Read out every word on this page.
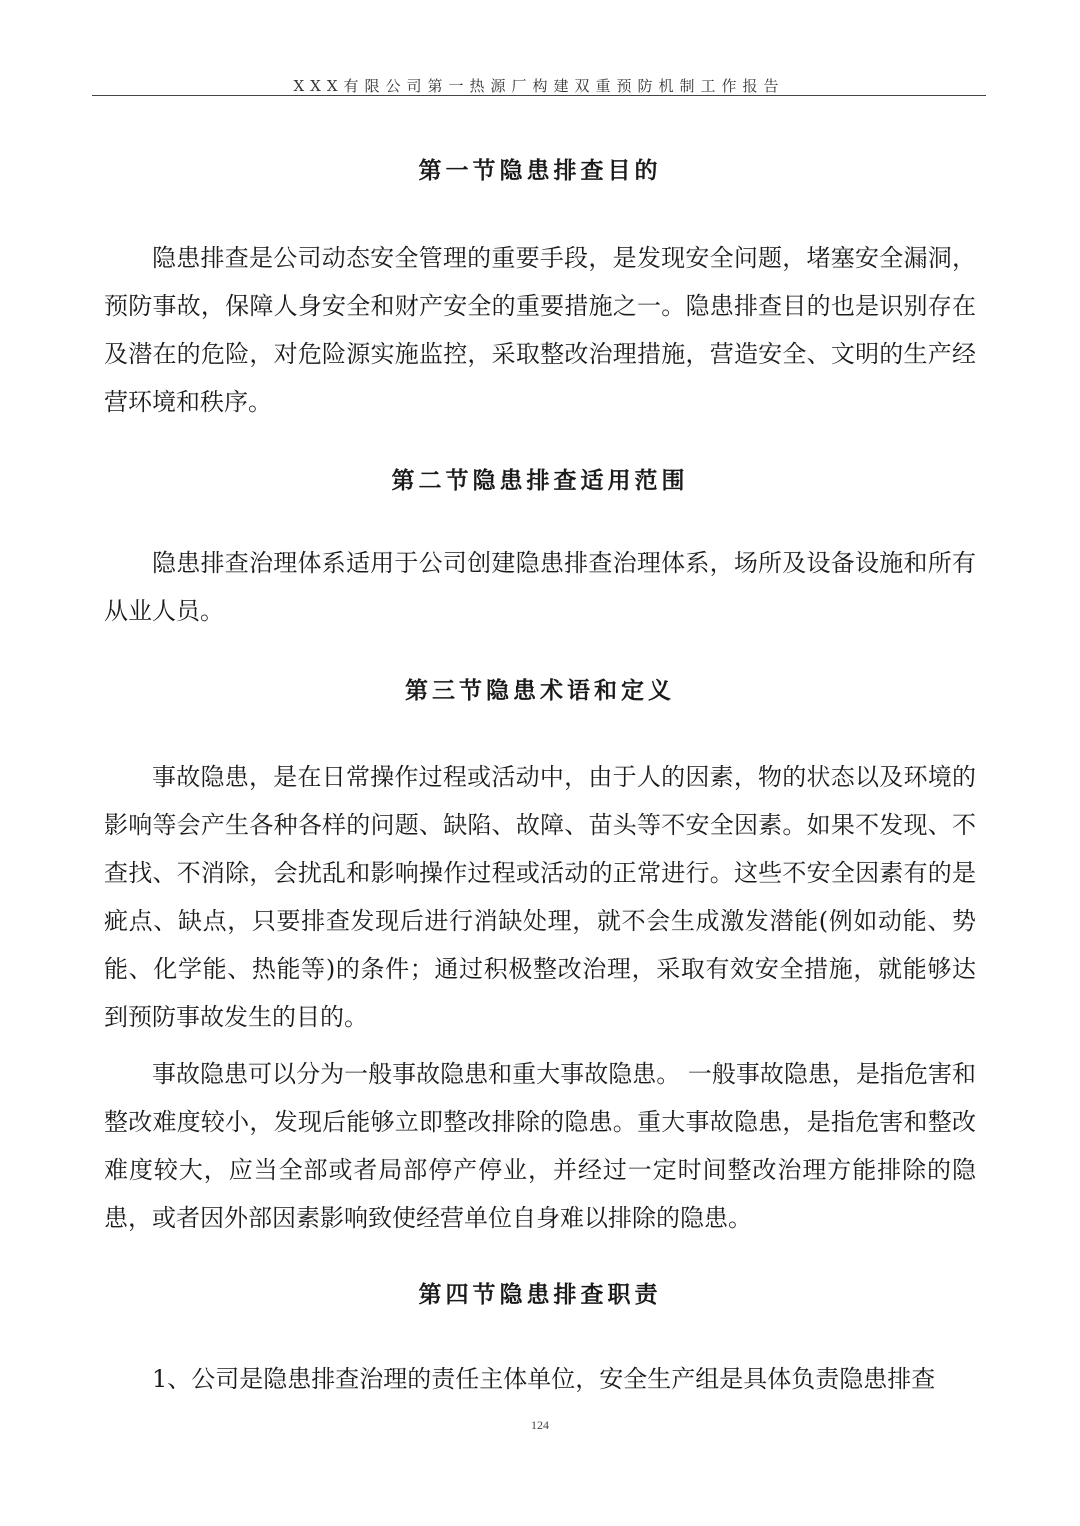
XXX有限公司第一热源厂构建双重预防机制工作报告
第一节隐患排查目的

隐患排查是公司动态安全管理的重要手段，是发现安全问题，堵塞安全漏洞，预防事故，保障人身安全和财产安全的重要措施之一。隐患排查目的也是识别存在及潜在的危险，对危险源实施监控，采取整改治理措施，营造安全、文明的生产经营环境和秩序。

第二节隐患排查适用范围

隐患排查治理体系适用于公司创建隐患排查治理体系，场所及设备设施和所有从业人员。

第三节隐患术语和定义

事故隐患，是在日常操作过程或活动中，由于人的因素，物的状态以及环境的影响等会产生各种各样的问题、缺陷、故障、苗头等不安全因素。如果不发现、不查找、不消除，会扰乱和影响操作过程或活动的正常进行。这些不安全因素有的是疵点、缺点，只要排查发现后进行消缺处理，就不会生成激发潜能(例如动能、势能、化学能、热能等)的条件；通过积极整改治理，采取有效安全措施，就能够达到预防事故发生的目的。

事故隐患可以分为一般事故隐患和重大事故隐患。 一般事故隐患，是指危害和整改难度较小，发现后能够立即整改排除的隐患。重大事故隐患，是指危害和整改难度较大，应当全部或者局部停产停业，并经过一定时间整改治理方能排除的隐患，或者因外部因素影响致使经营单位自身难以排除的隐患。

第四节隐患排查职责

1、公司是隐患排查治理的责任主体单位，安全生产组是具体负责隐患排查

124
